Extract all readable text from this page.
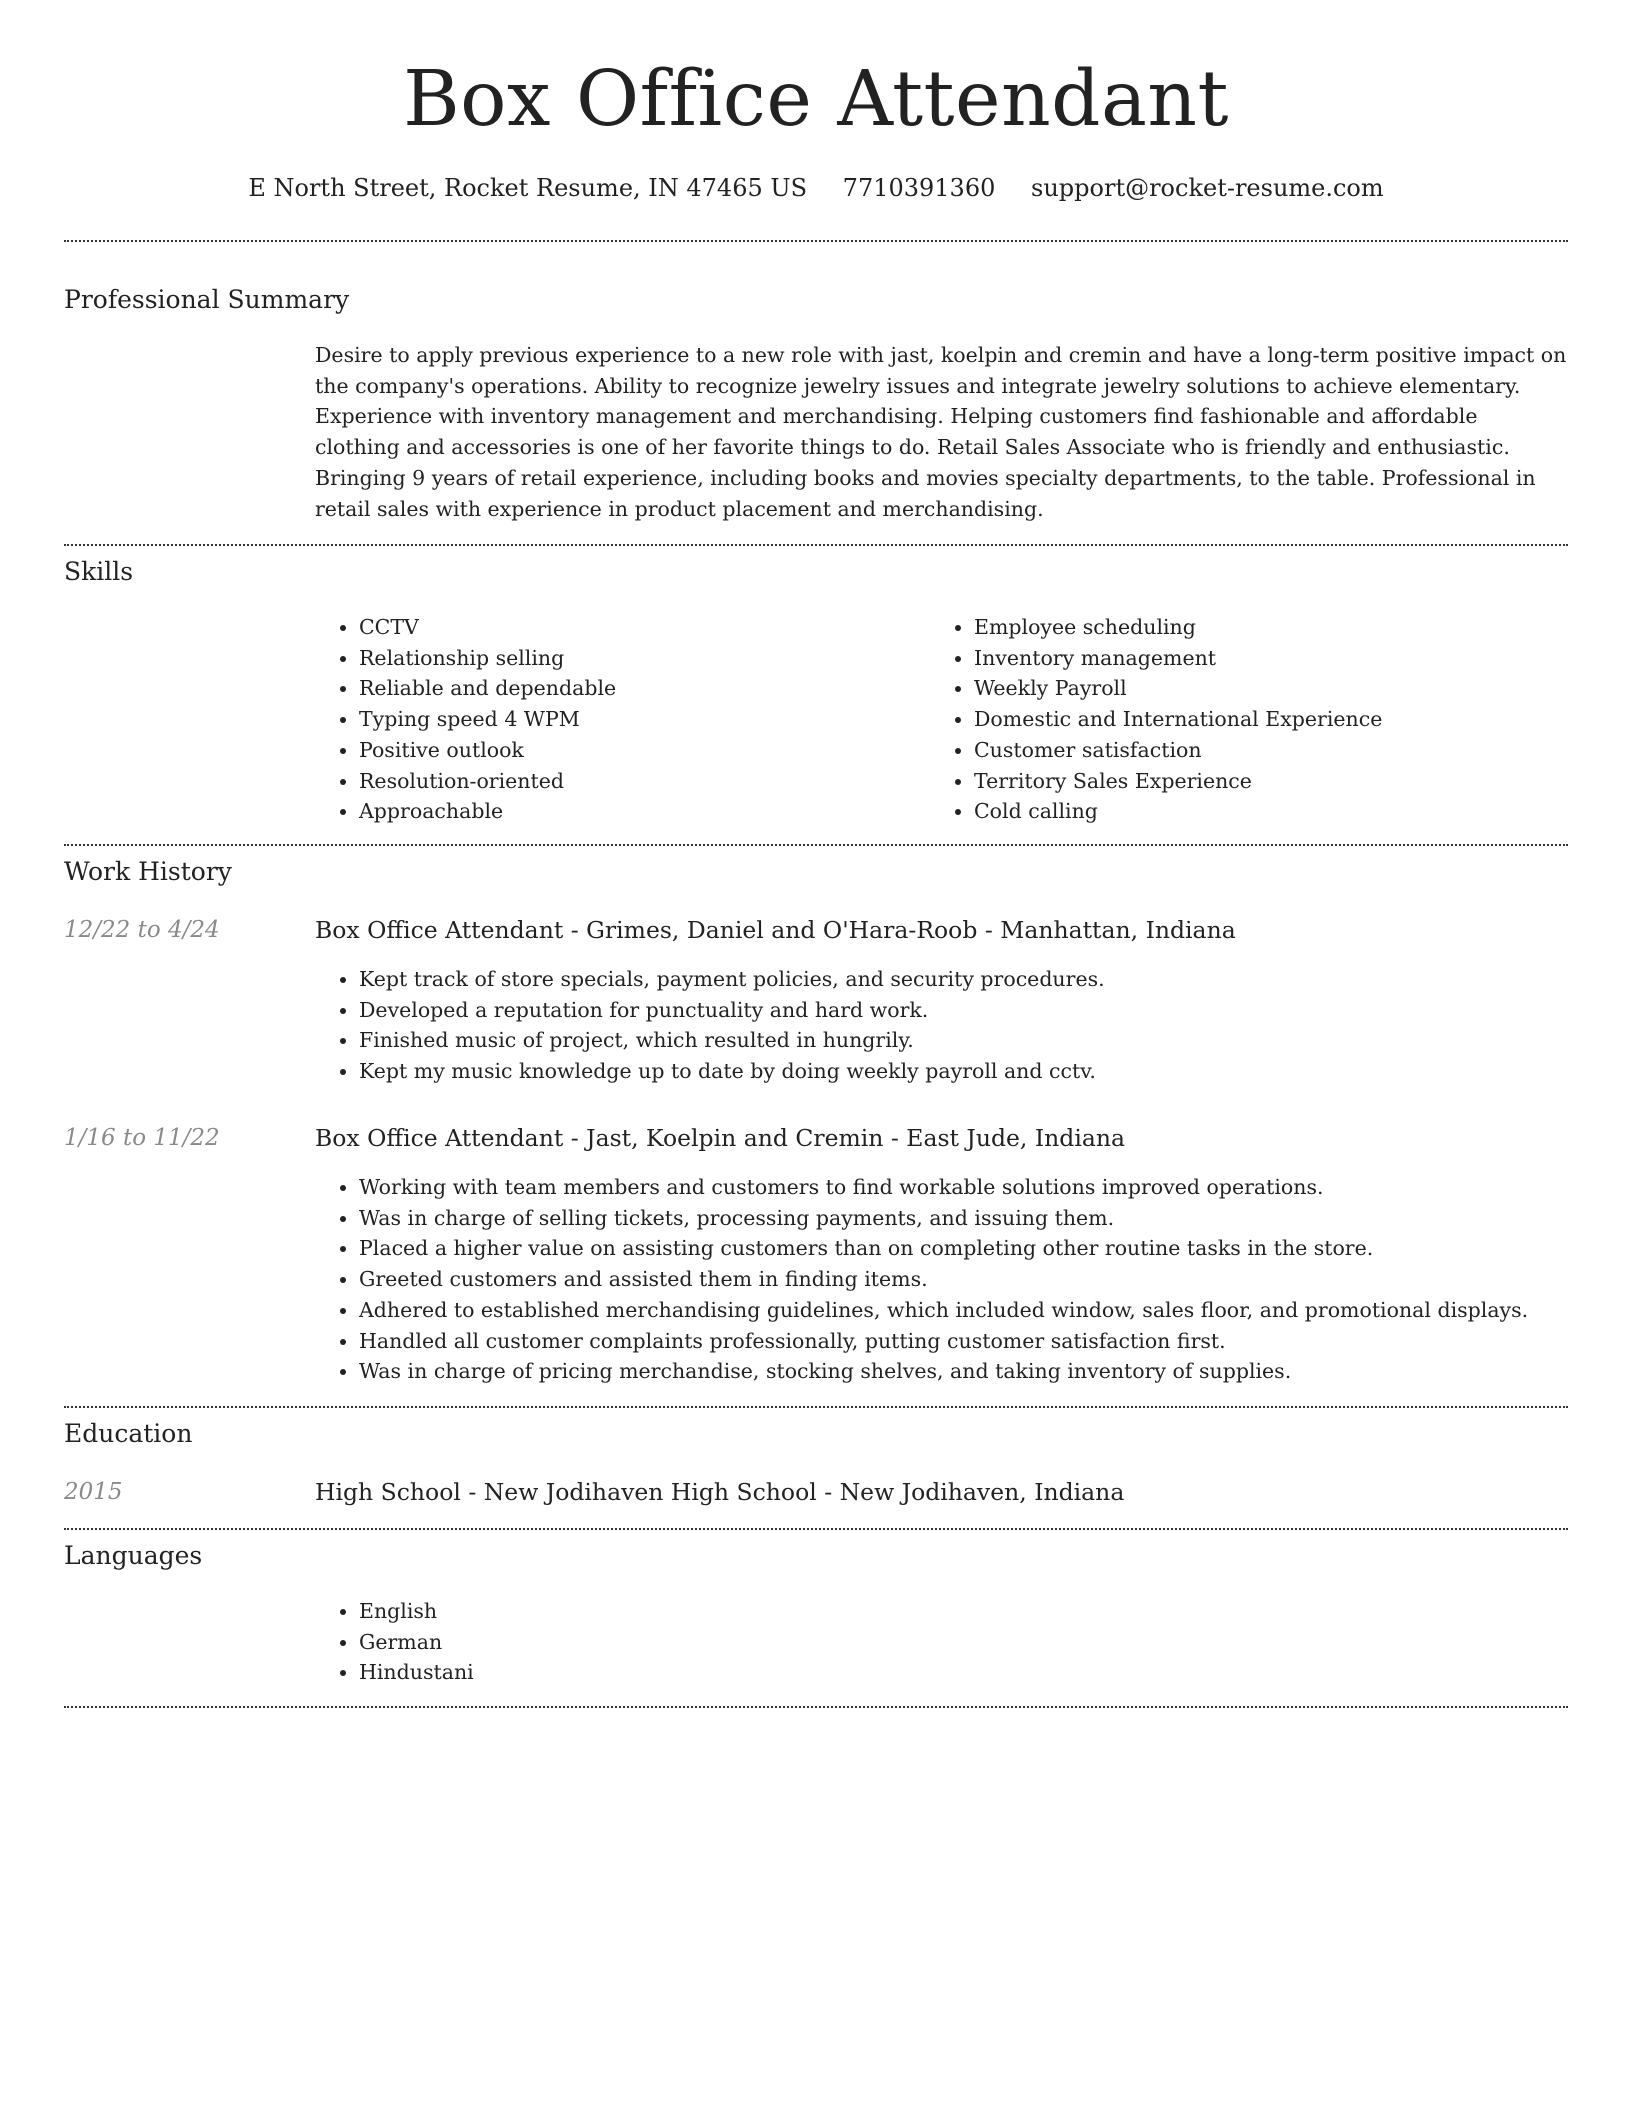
Box Office Attendant
E North Street, Rocket Resume, IN 47465 US 7710391360 support@rocket-resume.com
Professional Summary
Desire to apply previous experience to a new role with jast, koelpin and cremin and have a long-term positive impact on the company's operations. Ability to recognize jewelry issues and integrate jewelry solutions to achieve elementary. Experience with inventory management and merchandising. Helping customers find fashionable and affordable clothing and accessories is one of her favorite things to do. Retail Sales Associate who is friendly and enthusiastic. Bringing 9 years of retail experience, including books and movies specialty departments, to the table. Professional in retail sales with experience in product placement and merchandising.
Skills
• CCTV
• Relationship selling
• Reliable and dependable
• Typing speed 4 WPM
• Positive outlook
• Resolution-oriented
• Approachable
• Employee scheduling
• Inventory management
• Weekly Payroll
• Domestic and International Experience
• Customer satisfaction
• Territory Sales Experience
• Cold calling
Work History
12/22 to 4/24	Box Office Attendant - Grimes, Daniel and O'Hara-Roob - Manhattan, Indiana
• Kept track of store specials, payment policies, and security procedures.
• Developed a reputation for punctuality and hard work.
• Finished music of project, which resulted in hungrily.
• Kept my music knowledge up to date by doing weekly payroll and cctv.
1/16 to 11/22	Box Office Attendant - Jast, Koelpin and Cremin - East Jude, Indiana
• Working with team members and customers to find workable solutions improved operations.
• Was in charge of selling tickets, processing payments, and issuing them.
• Placed a higher value on assisting customers than on completing other routine tasks in the store.
• Greeted customers and assisted them in finding items.
• Adhered to established merchandising guidelines, which included window, sales floor, and promotional displays.
• Handled all customer complaints professionally, putting customer satisfaction first.
• Was in charge of pricing merchandise, stocking shelves, and taking inventory of supplies.
Education
2015	High School - New Jodihaven High School - New Jodihaven, Indiana
Languages
• English
• German
• Hindustani
